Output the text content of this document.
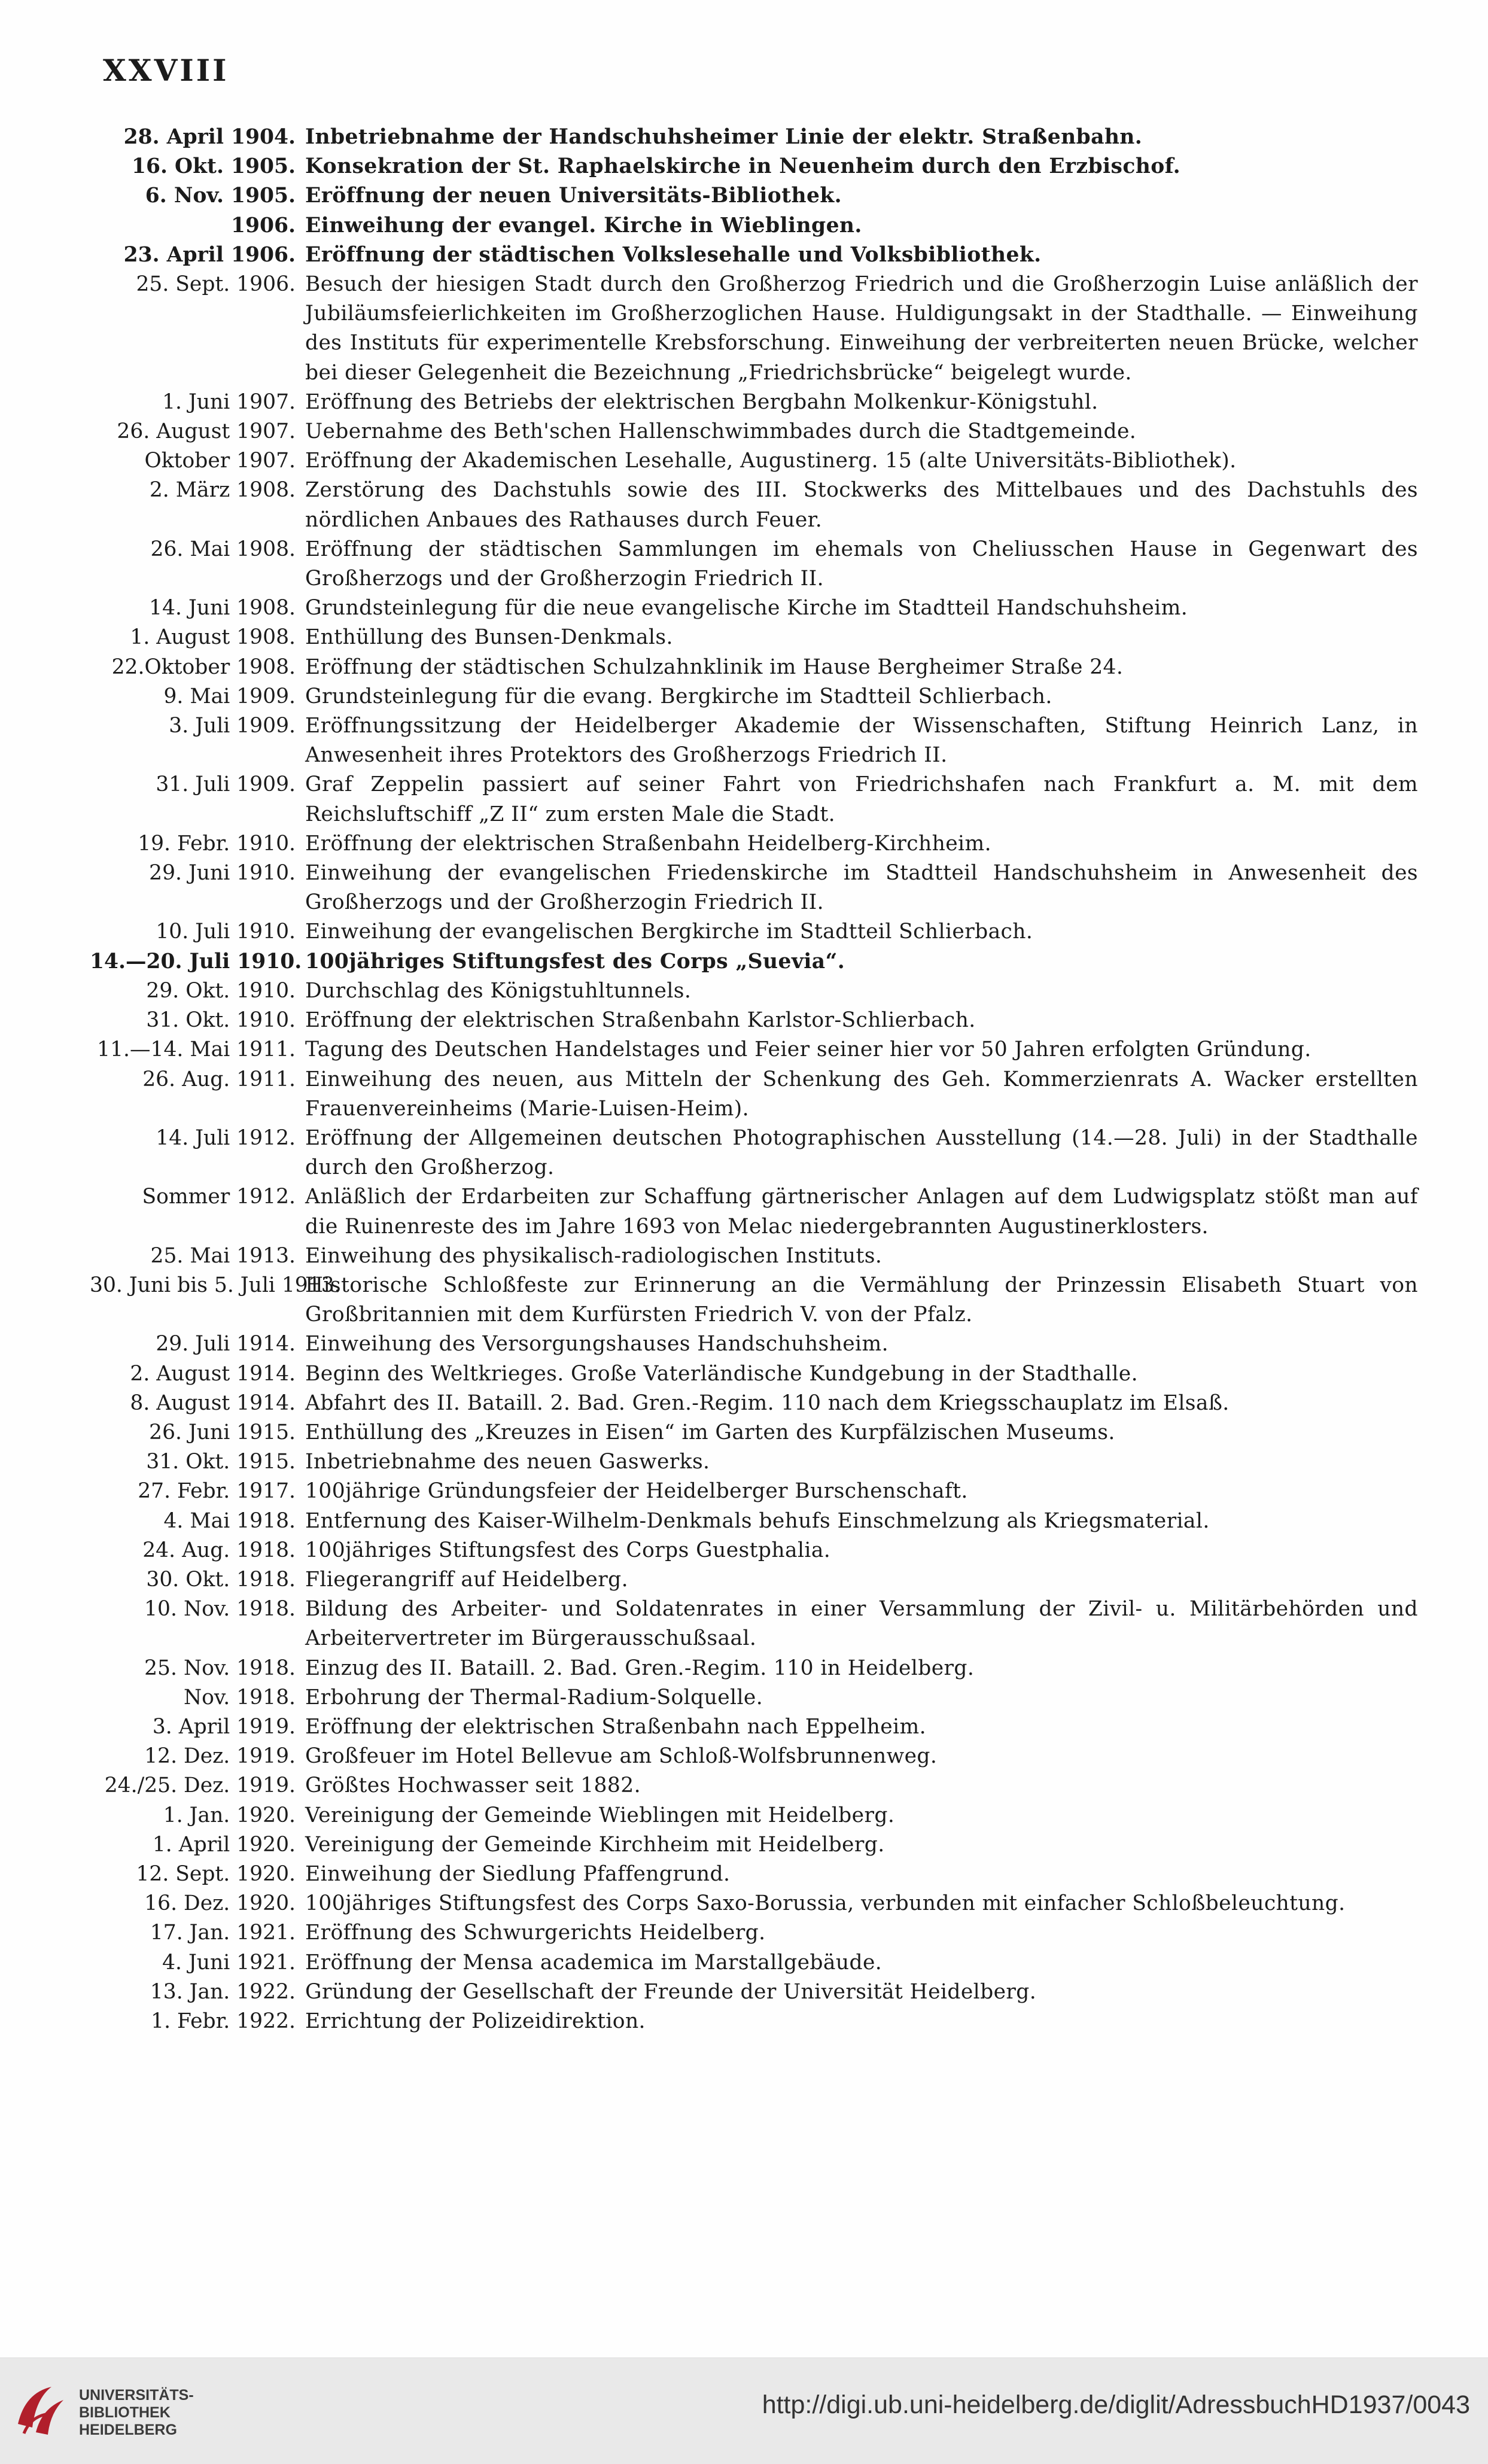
XXVIII
28. April 1904. Inbetriebnahme der Handschuhsheimer Linie der elektr. Straßenbahn.
16. Okt. 1905. Konsekration der St. Raphaelskirche in Neuenheim durch den Erzbischof.
6. Nov. 1905. Eröffnung der neuen Universitäts-Bibliothek.
1906. Einweihung der evangel. Kirche in Wieblingen.
23. April 1906. Eröffnung der städtischen Volkslesehalle und Volksbibliothek.
25. Sept. 1906. Besuch der hiesigen Stadt durch den Großherzog Friedrich und die Großherzogin Luise anläßlich der Jubiläumsfeierlichkeiten im Großherzoglichen Hause. Huldigungsakt in der Stadthalle. — Einweihung des Instituts für experimentelle Krebsforschung. Einweihung der verbreiterten neuen Brücke, welcher bei dieser Gelegenheit die Bezeichnung „Friedrichsbrücke“ beigelegt wurde.
1. Juni 1907. Eröffnung des Betriebs der elektrischen Bergbahn Molkenkur-Königstuhl.
26. August 1907. Uebernahme des Beth'schen Hallenschwimmbades durch die Stadtgemeinde.
Oktober 1907. Eröffnung der Akademischen Lesehalle, Augustinerg. 15 (alte Universitäts-Bibliothek).
2. März 1908. Zerstörung des Dachstuhls sowie des III. Stockwerks des Mittelbaues und des Dachstuhls des nördlichen Anbaues des Rathauses durch Feuer.
26. Mai 1908. Eröffnung der städtischen Sammlungen im ehemals von Cheliusschen Hause in Gegenwart des Großherzogs und der Großherzogin Friedrich II.
14. Juni 1908. Grundsteinlegung für die neue evangelische Kirche im Stadtteil Handschuhsheim.
1. August 1908. Enthüllung des Bunsen-Denkmals.
22.Oktober 1908. Eröffnung der städtischen Schulzahnklinik im Hause Bergheimer Straße 24.
9. Mai 1909. Grundsteinlegung für die evang. Bergkirche im Stadtteil Schlierbach.
3. Juli 1909. Eröffnungssitzung der Heidelberger Akademie der Wissenschaften, Stiftung Heinrich Lanz, in Anwesenheit ihres Protektors des Großherzogs Friedrich II.
31. Juli 1909. Graf Zeppelin passiert auf seiner Fahrt von Friedrichshafen nach Frankfurt a. M. mit dem Reichsluftschiff „Z II“ zum ersten Male die Stadt.
19. Febr. 1910. Eröffnung der elektrischen Straßenbahn Heidelberg-Kirchheim.
29. Juni 1910. Einweihung der evangelischen Friedenskirche im Stadtteil Handschuhsheim in Anwesenheit des Großherzogs und der Großherzogin Friedrich II.
10. Juli 1910. Einweihung der evangelischen Bergkirche im Stadtteil Schlierbach.
14.—20. Juli 1910. 100jähriges Stiftungsfest des Corps „Suevia“.
29. Okt. 1910. Durchschlag des Königstuhltunnels.
31. Okt. 1910. Eröffnung der elektrischen Straßenbahn Karlstor-Schlierbach.
11.—14. Mai 1911. Tagung des Deutschen Handelstages und Feier seiner hier vor 50 Jahren erfolgten Gründung.
26. Aug. 1911. Einweihung des neuen, aus Mitteln der Schenkung des Geh. Kommerzienrats A. Wacker erstellten Frauenvereinheims (Marie-Luisen-Heim).
14. Juli 1912. Eröffnung der Allgemeinen deutschen Photographischen Ausstellung (14.—28. Juli) in der Stadthalle durch den Großherzog.
Sommer 1912. Anläßlich der Erdarbeiten zur Schaffung gärtnerischer Anlagen auf dem Ludwigsplatz stößt man auf die Ruinenreste des im Jahre 1693 von Melac niedergebrannten Augustinerklosters.
25. Mai 1913. Einweihung des physikalisch-radiologischen Instituts.
30. Juni bis 5. Juli 1913.
Historische Schloßfeste zur Erinnerung an die Vermählung der Prinzessin Elisabeth Stuart von Großbritannien mit dem Kurfürsten Friedrich V. von der Pfalz.
29. Juli 1914. Einweihung des Versorgungshauses Handschuhsheim.
2. August 1914. Beginn des Weltkrieges. Große Vaterländische Kundgebung in der Stadthalle.
8. August 1914. Abfahrt des II. Bataill. 2. Bad. Gren.-Regim. 110 nach dem Kriegsschauplatz im Elsaß.
26. Juni 1915. Enthüllung des „Kreuzes in Eisen“ im Garten des Kurpfälzischen Museums.
31. Okt. 1915. Inbetriebnahme des neuen Gaswerks.
27. Febr. 1917. 100jährige Gründungsfeier der Heidelberger Burschenschaft.
4. Mai 1918. Entfernung des Kaiser-Wilhelm-Denkmals behufs Einschmelzung als Kriegsmaterial.
24. Aug. 1918. 100jähriges Stiftungsfest des Corps Guestphalia.
30. Okt. 1918. Fliegerangriff auf Heidelberg.
10. Nov. 1918. Bildung des Arbeiter- und Soldatenrates in einer Versammlung der Zivil- u. Militärbehörden und Arbeitervertreter im Bürgerausschußsaal.
25. Nov. 1918. Einzug des II. Bataill. 2. Bad. Gren.-Regim. 110 in Heidelberg.
Nov. 1918. Erbohrung der Thermal-Radium-Solquelle.
3. April 1919. Eröffnung der elektrischen Straßenbahn nach Eppelheim.
12. Dez. 1919. Großfeuer im Hotel Bellevue am Schloß-Wolfsbrunnenweg.
24./25. Dez. 1919. Größtes Hochwasser seit 1882.
1. Jan. 1920. Vereinigung der Gemeinde Wieblingen mit Heidelberg.
1. April 1920. Vereinigung der Gemeinde Kirchheim mit Heidelberg.
12. Sept. 1920. Einweihung der Siedlung Pfaffengrund.
16. Dez. 1920. 100jähriges Stiftungsfest des Corps Saxo-Borussia, verbunden mit einfacher Schloßbeleuchtung.
17. Jan. 1921. Eröffnung des Schwurgerichts Heidelberg.
4. Juni 1921. Eröffnung der Mensa academica im Marstallgebäude.
13. Jan. 1922. Gründung der Gesellschaft der Freunde der Universität Heidelberg.
1. Febr. 1922. Errichtung der Polizeidirektion.
UNIVERSITÄTS-
BIBLIOTHEK
HEIDELBERG
http://digi.ub.uni-heidelberg.de/diglit/AdressbuchHD1937/0043
